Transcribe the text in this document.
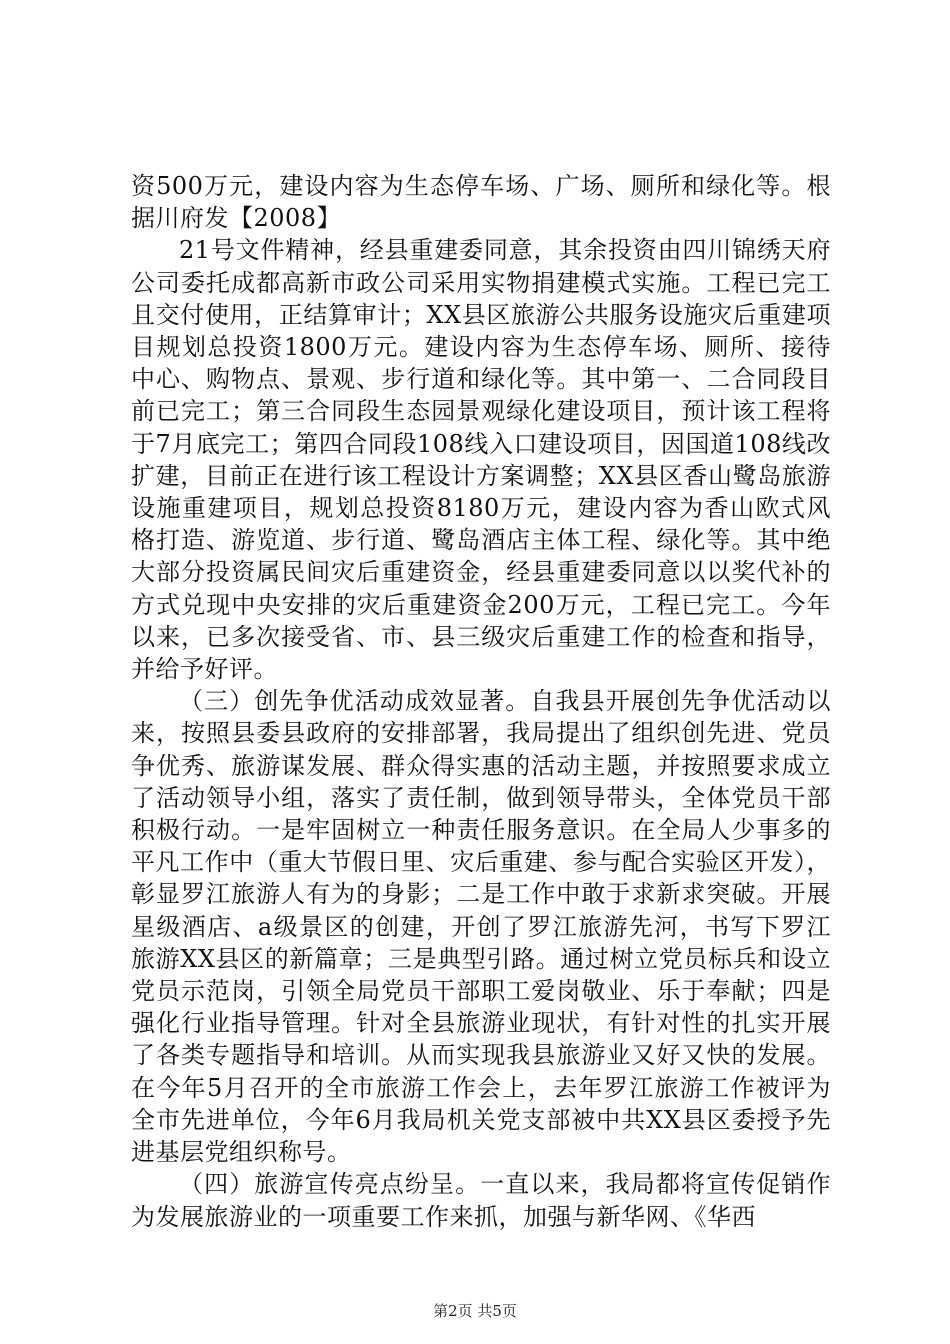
资500万元，建设内容为生态停车场、广场、厕所和绿化等。根据川府发【2008】

21号文件精神，经县重建委同意，其余投资由四川锦绣天府公司委托成都高新市政公司采用实物捐建模式实施。工程已完工且交付使用，正结算审计；XX县区旅游公共服务设施灾后重建项目规划总投资1800万元。建设内容为生态停车场、厕所、接待中心、购物点、景观、步行道和绿化等。其中第一、二合同段目前已完工；第三合同段生态园景观绿化建设项目，预计该工程将于7月底完工；第四合同段108线入口建设项目，因国道108线改扩建，目前正在进行该工程设计方案调整；XX县区香山鹭岛旅游设施重建项目，规划总投资8180万元，建设内容为香山欧式风格打造、游览道、步行道、鹭岛酒店主体工程、绿化等。其中绝大部分投资属民间灾后重建资金，经县重建委同意以以奖代补的方式兑现中央安排的灾后重建资金200万元，工程已完工。今年以来，已多次接受省、市、县三级灾后重建工作的检查和指导，并给予好评。

（三）创先争优活动成效显著。自我县开展创先争优活动以来，按照县委县政府的安排部署，我局提出了组织创先进、党员争优秀、旅游谋发展、群众得实惠的活动主题，并按照要求成立了活动领导小组，落实了责任制，做到领导带头，全体党员干部积极行动。一是牢固树立一种责任服务意识。在全局人少事多的平凡工作中（重大节假日里、灾后重建、参与配合实验区开发），彰显罗江旅游人有为的身影；二是工作中敢于求新求突破。开展星级酒店、a级景区的创建，开创了罗江旅游先河，书写下罗江旅游XX县区的新篇章；三是典型引路。通过树立党员标兵和设立党员示范岗，引领全局党员干部职工爱岗敬业、乐于奉献；四是强化行业指导管理。针对全县旅游业现状，有针对性的扎实开展了各类专题指导和培训。从而实现我县旅游业又好又快的发展。在今年5月召开的全市旅游工作会上，去年罗江旅游工作被评为全市先进单位，今年6月我局机关党支部被中共XX县区委授予先进基层党组织称号。

（四）旅游宣传亮点纷呈。一直以来，我局都将宣传促销作为发展旅游业的一项重要工作来抓，加强与新华网、《华西

第2页 共5页
